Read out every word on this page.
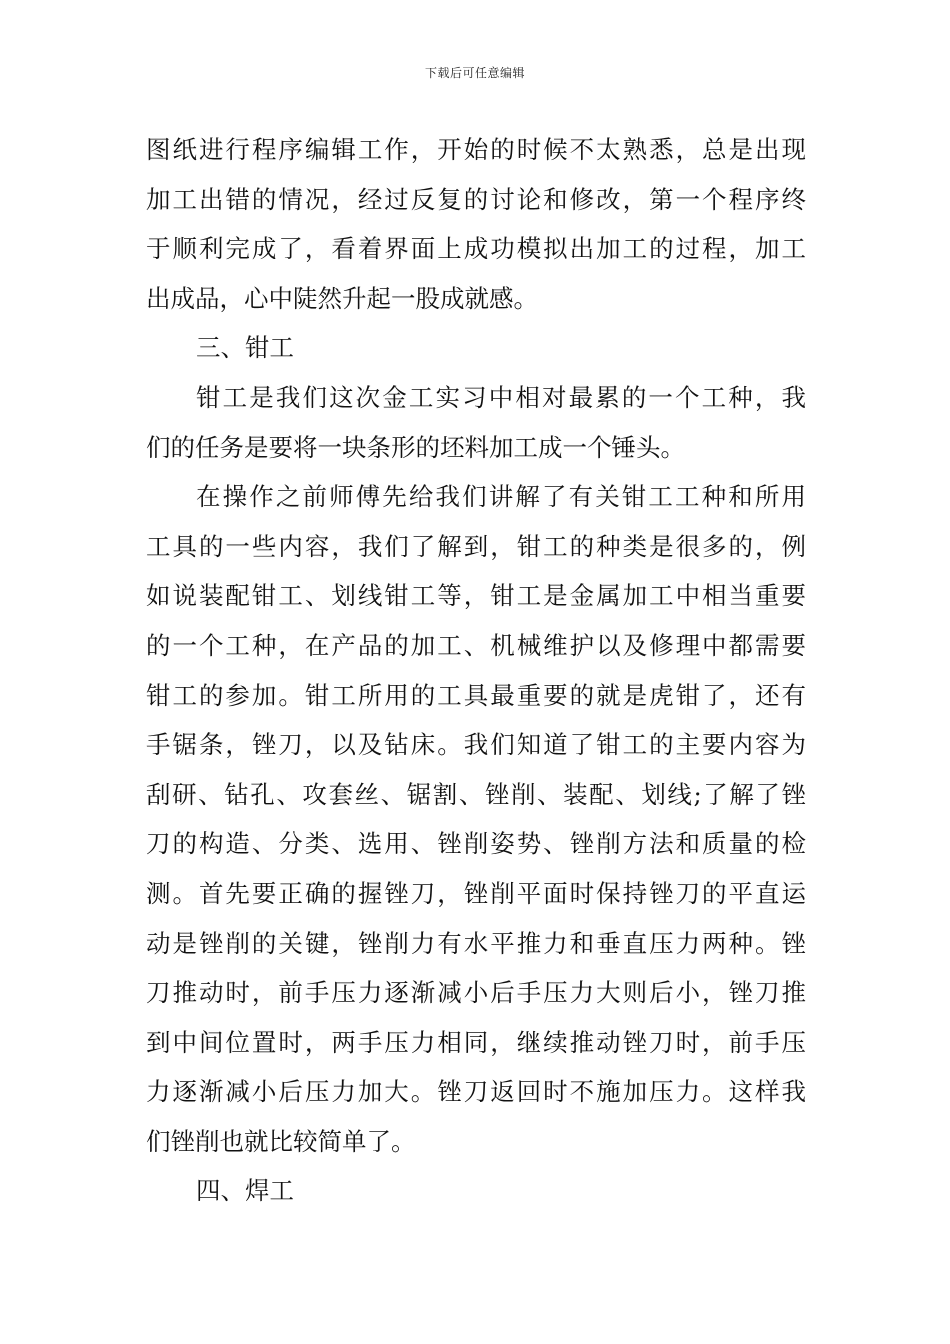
下载后可任意编辑
图纸进行程序编辑工作，开始的时候不太熟悉，总是出现
加工出错的情况，经过反复的讨论和修改，第一个程序终
于顺利完成了，看着界面上成功模拟出加工的过程，加工
出成品，心中陡然升起一股成就感。
三、钳工
钳工是我们这次金工实习中相对最累的一个工种，我
们的任务是要将一块条形的坯料加工成一个锤头。
在操作之前师傅先给我们讲解了有关钳工工种和所用
工具的一些内容，我们了解到，钳工的种类是很多的，例
如说装配钳工、划线钳工等，钳工是金属加工中相当重要
的一个工种，在产品的加工、机械维护以及修理中都需要
钳工的参加。钳工所用的工具最重要的就是虎钳了，还有
手锯条，锉刀，以及钻床。我们知道了钳工的主要内容为
刮研、钻孔、攻套丝、锯割、锉削、装配、划线;了解了锉
刀的构造、分类、选用、锉削姿势、锉削方法和质量的检
测。首先要正确的握锉刀，锉削平面时保持锉刀的平直运
动是锉削的关键，锉削力有水平推力和垂直压力两种。锉
刀推动时，前手压力逐渐减小后手压力大则后小，锉刀推
到中间位置时，两手压力相同，继续推动锉刀时，前手压
力逐渐减小后压力加大。锉刀返回时不施加压力。这样我
们锉削也就比较简单了。
四、焊工
